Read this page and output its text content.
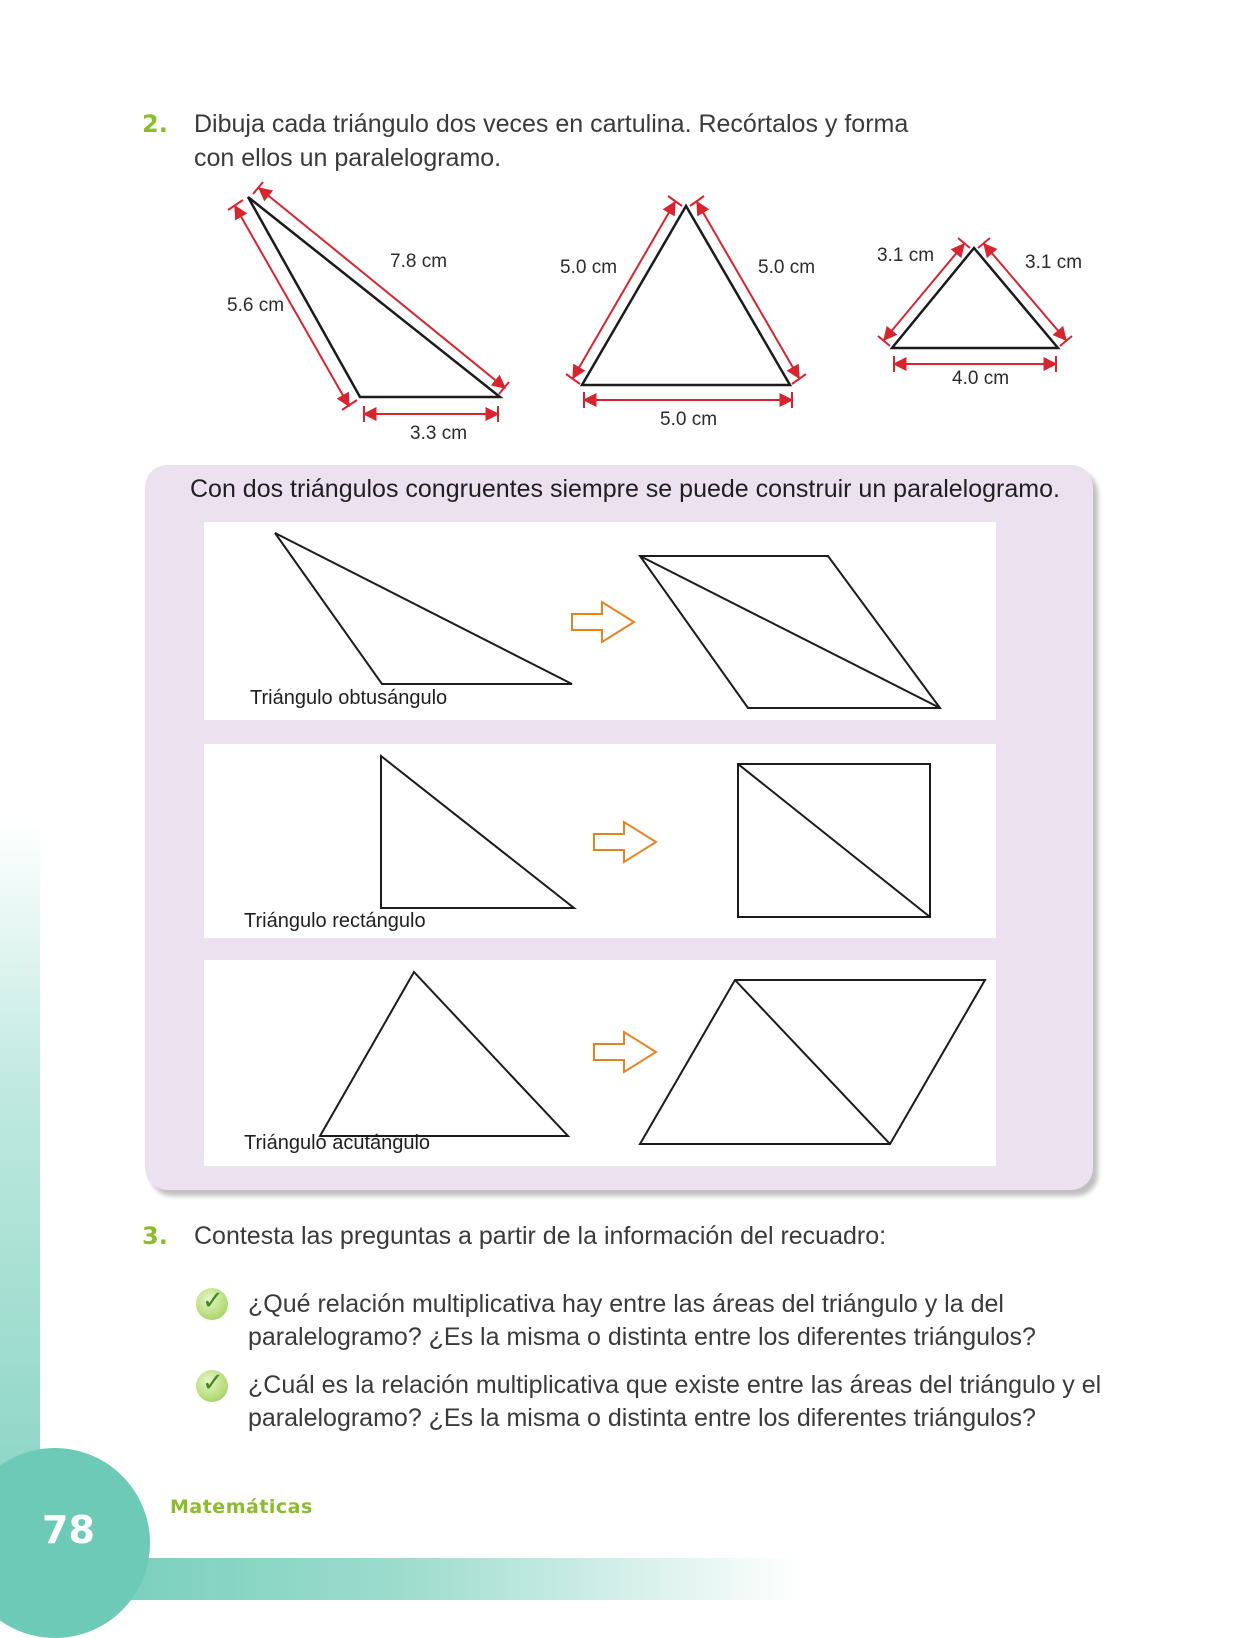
78
Matemáticas
2. Dibuja cada triángulo dos veces en cartulina. Recórtalos y forma
con ellos un paralelogramo.
7.8 cm
5.6 cm
3.3 cm
5.0 cm	5.0 cm
5.0 cm
3.1 cm	3.1 cm
4.0 cm
Con dos triángulos congruentes siempre se puede construir un paralelogramo.
Triángulo obtusángulo
Triángulo rectángulo
Triángulo acutángulo
3. Contesta las preguntas a partir de la información del recuadro:
✓ ¿Qué relación multiplicativa hay entre las áreas del triángulo y la del
paralelogramo? ¿Es la misma o distinta entre los diferentes triángulos?
✓ ¿Cuál es la relación multiplicativa que existe entre las áreas del triángulo y el
paralelogramo? ¿Es la misma o distinta entre los diferentes triángulos?
